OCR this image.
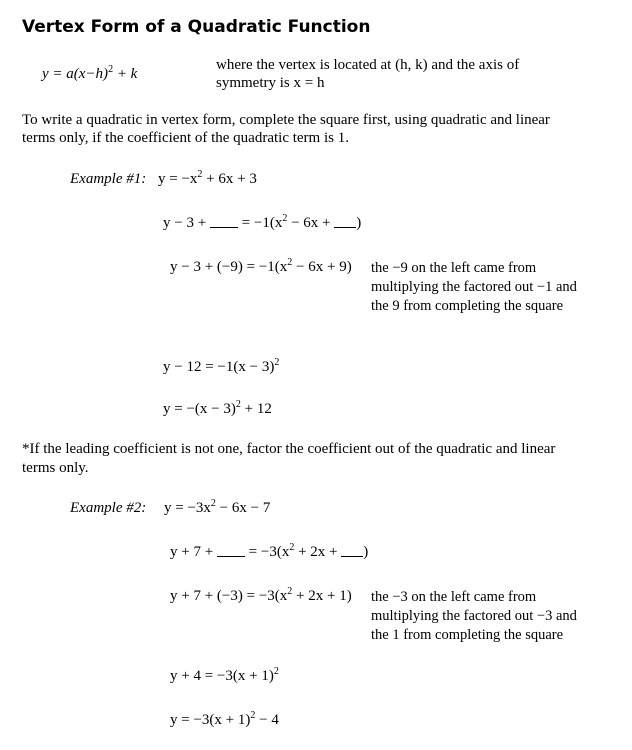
Vertex Form of a Quadratic Function
$y = a(x-h)^2 + k$
where the vertex is located at (h, k) and the axis of
symmetry is x = h
To write a quadratic in vertex form, complete the square first, using quadratic and linear
terms only, if the coefficient of the quadratic term is 1.
Example #1: $y = -x^2 + 6x + 3$
y − 3 +  = $-1(x^2 - 6x$ + )
$y - 3 + (-9) = -1(x^2 - 6x + 9)$ the −9 on the left came from
multiplying the factored out −1 and
the 9 from completing the square
$y - 12 = -1(x - 3)^2$
$y = -(x - 3)^2 + 12$
*If the leading coefficient is not one, factor the coefficient out of the quadratic and linear
terms only.
Example #2: $y = -3x^2 - 6x - 7$
y + 7 +  = $-3(x^2 + 2x$ + )
$y + 7 + (-3) = -3(x^2 + 2x + 1)$ the −3 on the left came from
multiplying the factored out −3 and
the 1 from completing the square
$y + 4 = -3(x + 1)^2$
$y = -3(x + 1)^2 - 4$
